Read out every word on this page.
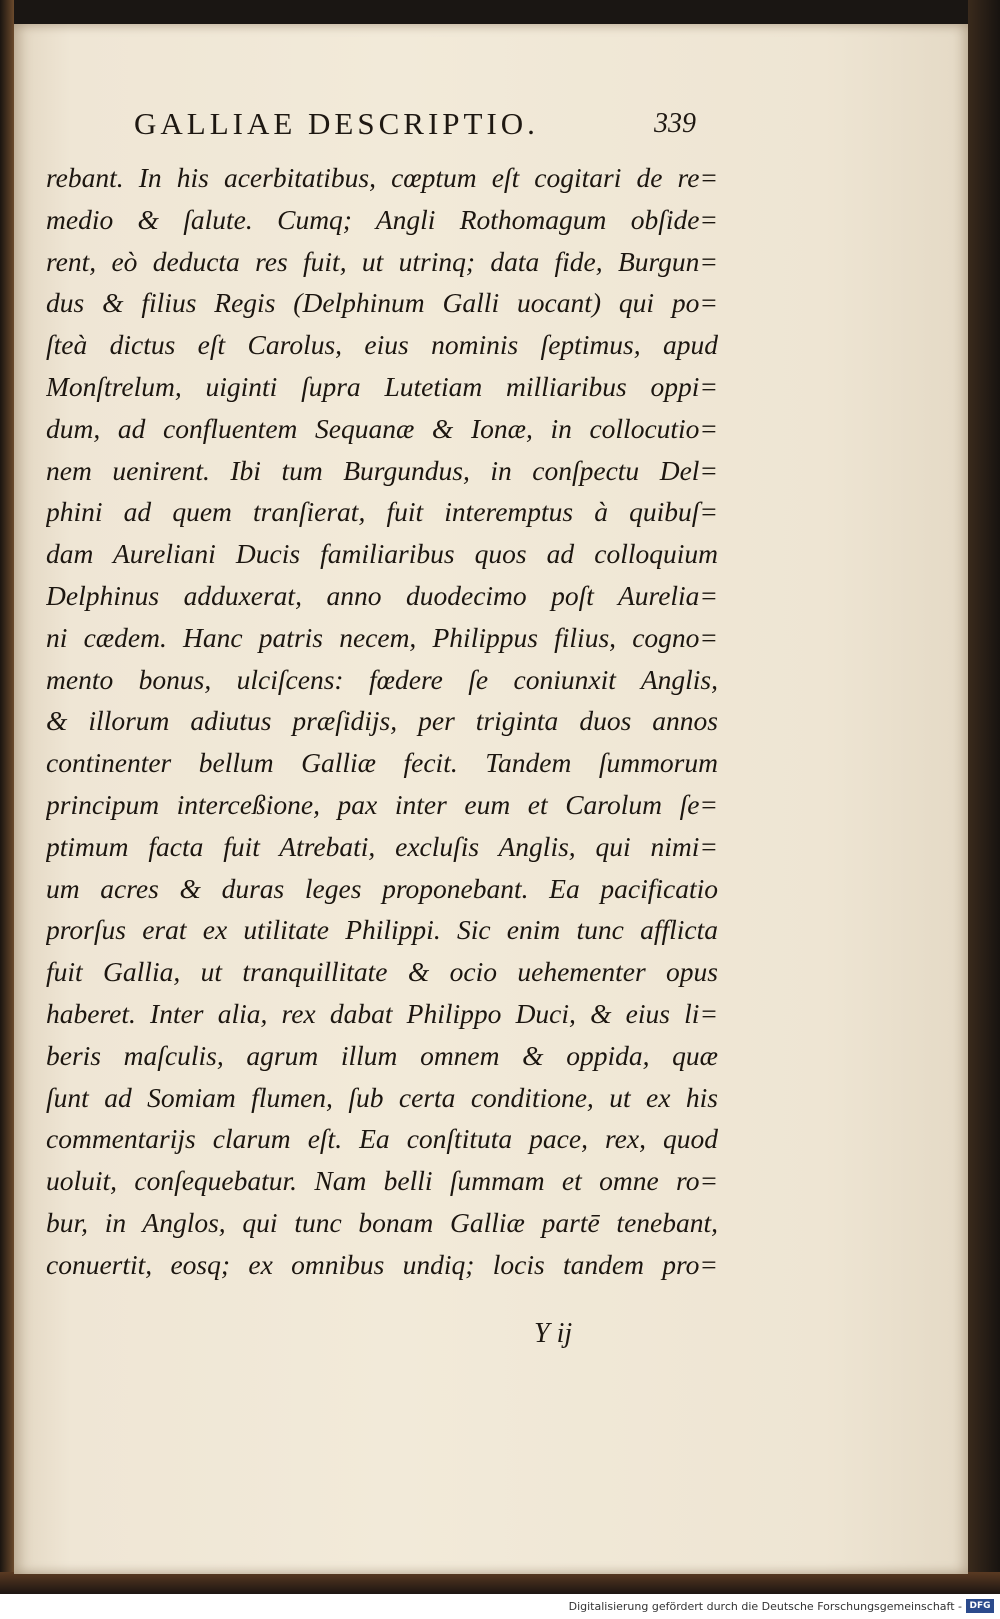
GALLIAE DESCRIPTIO.	339
rebant. In his acerbitatibus, cœptum eſt cogitari de re=
medio & ſalute. Cumq; Angli Rothomagum obſide=
rent, eò deducta res fuit, ut utrinq; data fide, Burgun=
dus & filius Regis (Delphinum Galli uocant) qui po=
ſteà dictus eſt Carolus, eius nominis ſeptimus, apud
Monſtrelum, uiginti ſupra Lutetiam milliaribus oppi=
dum, ad confluentem Sequanæ & Ionæ, in collocutio=
nem uenirent. Ibi tum Burgundus, in conſpectu Del=
phini ad quem tranſierat, fuit interemptus à quibuſ=
dam Aureliani Ducis familiaribus quos ad colloquium
Delphinus adduxerat, anno duodecimo poſt Aurelia=
ni cædem. Hanc patris necem, Philippus filius, cogno=
mento bonus, ulciſcens: fœdere ſe coniunxit Anglis,
& illorum adiutus præſidijs, per triginta duos annos
continenter bellum Galliæ fecit. Tandem ſummorum
principum interceßione, pax inter eum et Carolum ſe=
ptimum facta fuit Atrebati, excluſis Anglis, qui nimi=
um acres & duras leges proponebant. Ea pacificatio
prorſus erat ex utilitate Philippi. Sic enim tunc afflicta
fuit Gallia, ut tranquillitate & ocio uehementer opus
haberet. Inter alia, rex dabat Philippo Duci, & eius li=
beris maſculis, agrum illum omnem & oppida, quæ
ſunt ad Somiam flumen, ſub certa conditione, ut ex his
commentarijs clarum eſt. Ea conſtituta pace, rex, quod
uoluit, conſequebatur. Nam belli ſummam et omne ro=
bur, in Anglos, qui tunc bonam Galliæ partē tenebant,
conuertit, eosq; ex omnibus undiq; locis tandem pro=
Y ij
Digitalisierung gefördert durch die Deutsche Forschungsgemeinschaft - DFG
